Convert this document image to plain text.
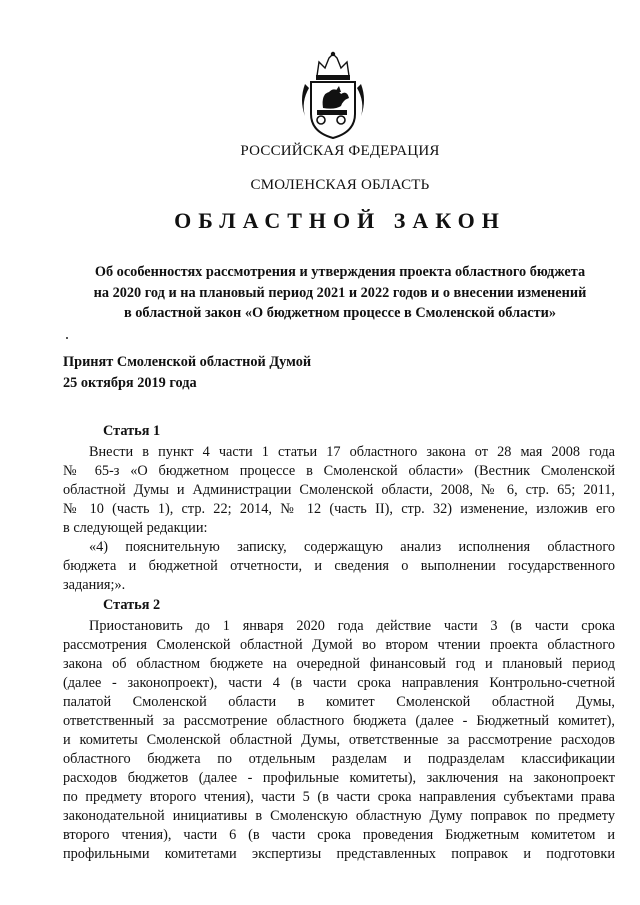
РОССИЙСКАЯ ФЕДЕРАЦИЯ
СМОЛЕНСКАЯ ОБЛАСТЬ
ОБЛАСТНОЙ ЗАКОН
Об особенностях рассмотрения и утверждения проекта областного бюджета
на 2020 год и на плановый период 2021 и 2022 годов и о внесении изменений
в областной закон «О бюджетном процессе в Смоленской области»
Принят Смоленской областной Думой
25 октября 2019 года
Статья 1
Внести в пункт 4 части 1 статьи 17 областного закона от 28 мая 2008 года
№ 65-з «О бюджетном процессе в Смоленской области» (Вестник Смоленской
областной Думы и Администрации Смоленской области, 2008, № 6, стр. 65; 2011,
№ 10 (часть 1), стр. 22; 2014, № 12 (часть II), стр. 32) изменение, изложив его
в следующей редакции:
«4) пояснительную записку, содержащую анализ исполнения областного
бюджета и бюджетной отчетности, и сведения о выполнении государственного
задания;».
Статья 2
Приостановить до 1 января 2020 года действие части 3 (в части срока
рассмотрения Смоленской областной Думой во втором чтении проекта областного
закона об областном бюджете на очередной финансовый год и плановый период
(далее - законопроект), части 4 (в части срока направления Контрольно-счетной
палатой Смоленской области в комитет Смоленской областной Думы,
ответственный за рассмотрение областного бюджета (далее - Бюджетный комитет),
и комитеты Смоленской областной Думы, ответственные за рассмотрение расходов
областного бюджета по отдельным разделам и подразделам классификации
расходов бюджетов (далее - профильные комитеты), заключения на законопроект
по предмету второго чтения), части 5 (в части срока направления субъектами права
законодательной инициативы в Смоленскую областную Думу поправок по предмету
второго чтения), части 6 (в части срока проведения Бюджетным комитетом и
профильными комитетами экспертизы представленных поправок и подготовки
